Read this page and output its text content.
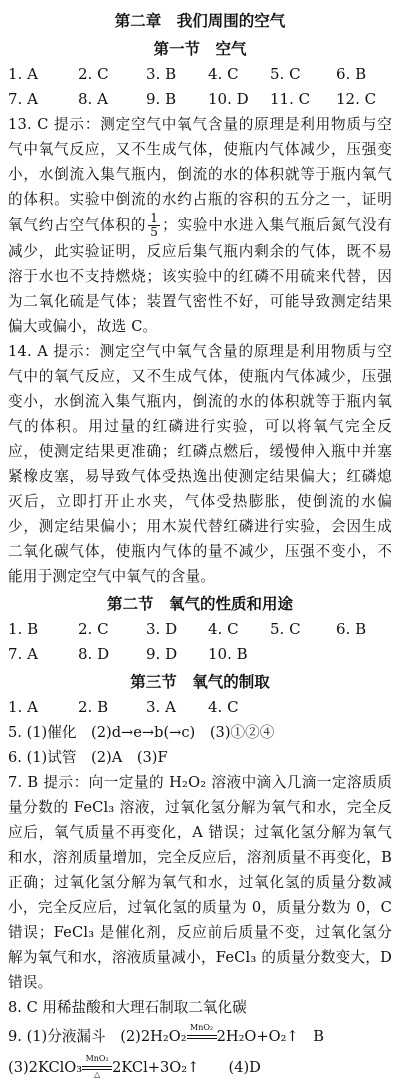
第二章　我们周围的空气
第一节　空气
1. A	2. C	3. B	4. C	5. C	6. B
7. A	8. A	9. B	10. D	11. C	12. C

13. C 提示：测定空气中氧气含量的原理是利用物质与空气中氧气反应，又不生成气体，使瓶内气体减少，压强变小，水倒流入集气瓶内，倒流的水的体积就等于瓶内氧气的体积。实验中倒流的水约占瓶的容积的五分之一，证明氧气约占空气体积的 $\frac{1}{5}$ ；实验中水进入集气瓶后氮气没有减少，此实验证明，反应后集气瓶内剩余的气体，既不易溶于水也不支持燃烧；该实验中的红磷不用硫来代替，因为二氧化硫是气体；装置气密性不好，可能导致测定结果偏大或偏小，故选 C。

14. A 提示：测定空气中氧气含量的原理是利用物质与空气中的氧气反应，又不生成气体，使瓶内气体减少，压强变小，水倒流入集气瓶内，倒流的水的体积就等于瓶内氧气的体积。用过量的红磷进行实验，可以将氧气完全反应，使测定结果更准确；红磷点燃后，缓慢伸入瓶中并塞紧橡皮塞，易导致气体受热逸出使测定结果偏大；红磷熄灭后，立即打开止水夹，气体受热膨胀，使倒流的水偏少，测定结果偏小；用木炭代替红磷进行实验，会因生成二氧化碳气体，使瓶内气体的量不减少，压强不变小，不能用于测定空气中氧气的含量。

第二节　氧气的性质和用途
1. B	2. C	3. D	4. C	5. C	6. B
7. A	8. D	9. D	10. B
第三节　氧气的制取
1. A	2. B	3. A	4. C

5. (1)催化　(2)d→e→b(→c)　(3)①②④

6. (1)试管　(2)A　(3)F

7. B 提示：向一定量的 H₂O₂ 溶液中滴入几滴一定溶质质量分数的 FeCl₃ 溶液，过氧化氢分解为氧气和水，完全反应后，氧气质量不再变化，A 错误；过氧化氢分解为氧气和水，溶剂质量增加，完全反应后，溶剂质量不再变化，B 正确；过氧化氢分解为氧气和水，过氧化氢的质量分数减小，完全反应后，过氧化氢的质量为 0，质量分数为 0，C 错误；FeCl₃ 是催化剂，反应前后质量不变，过氧化氢分解为氧气和水，溶液质量减小，FeCl₃ 的质量分数变大，D 错误。

8. C 用稀盐酸和大理石制取二氧化碳

9. (1)分液漏斗　(2)2H₂O₂
MnO₂
2H₂O+O₂↑　B

(3)2KClO₃
MnO₂
△ 2KCl+3O₂↑　　(4)D
